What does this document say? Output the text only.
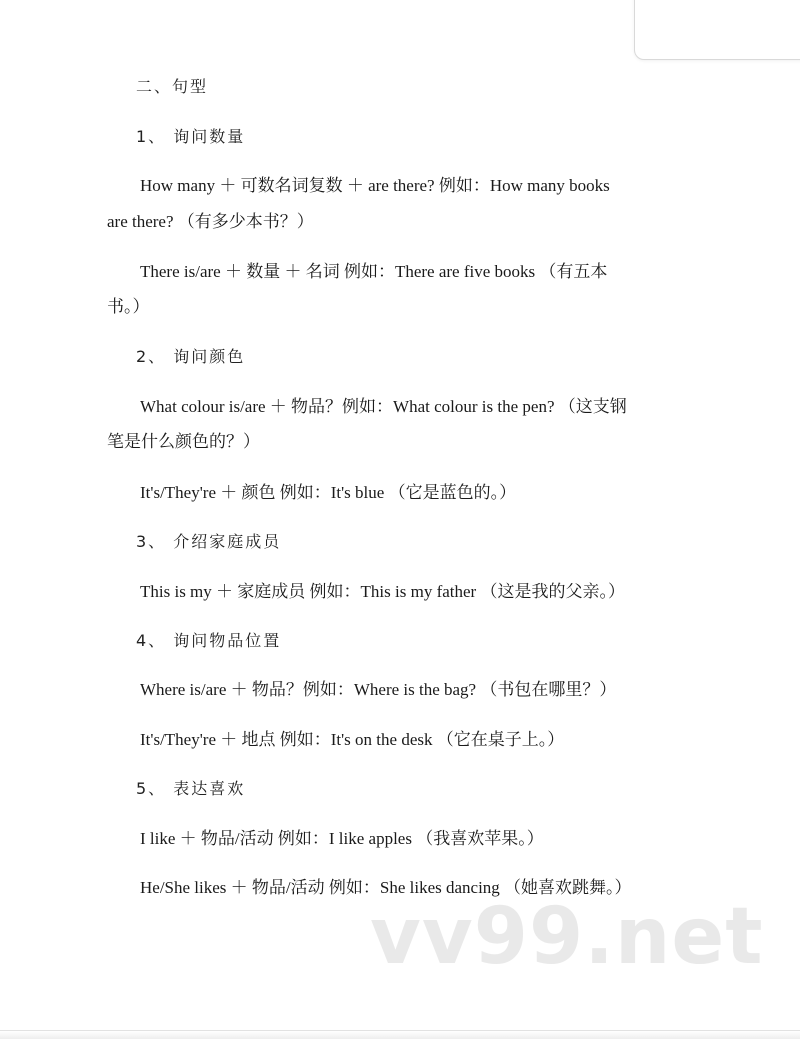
二、句型
1、 询问数量
How many ＋ 可数名词复数 ＋ are there? 例如：How many books
are there? （有多少本书？）
There is/are ＋ 数量 ＋ 名词 例如：There are five books （有五本
书。）
2、 询问颜色
What colour is/are ＋ 物品？例如：What colour is the pen? （这支钢
笔是什么颜色的？）
It's/They're ＋ 颜色 例如：It's blue （它是蓝色的。）
3、 介绍家庭成员
This is my ＋ 家庭成员 例如：This is my father （这是我的父亲。）
4、 询问物品位置
Where is/are ＋ 物品？例如：Where is the bag? （书包在哪里？）
It's/They're ＋ 地点 例如：It's on the desk （它在桌子上。）
5、 表达喜欢
I like ＋ 物品/活动 例如：I like apples （我喜欢苹果。）
He/She likes ＋ 物品/活动 例如：She likes dancing （她喜欢跳舞。）
vv99.net
